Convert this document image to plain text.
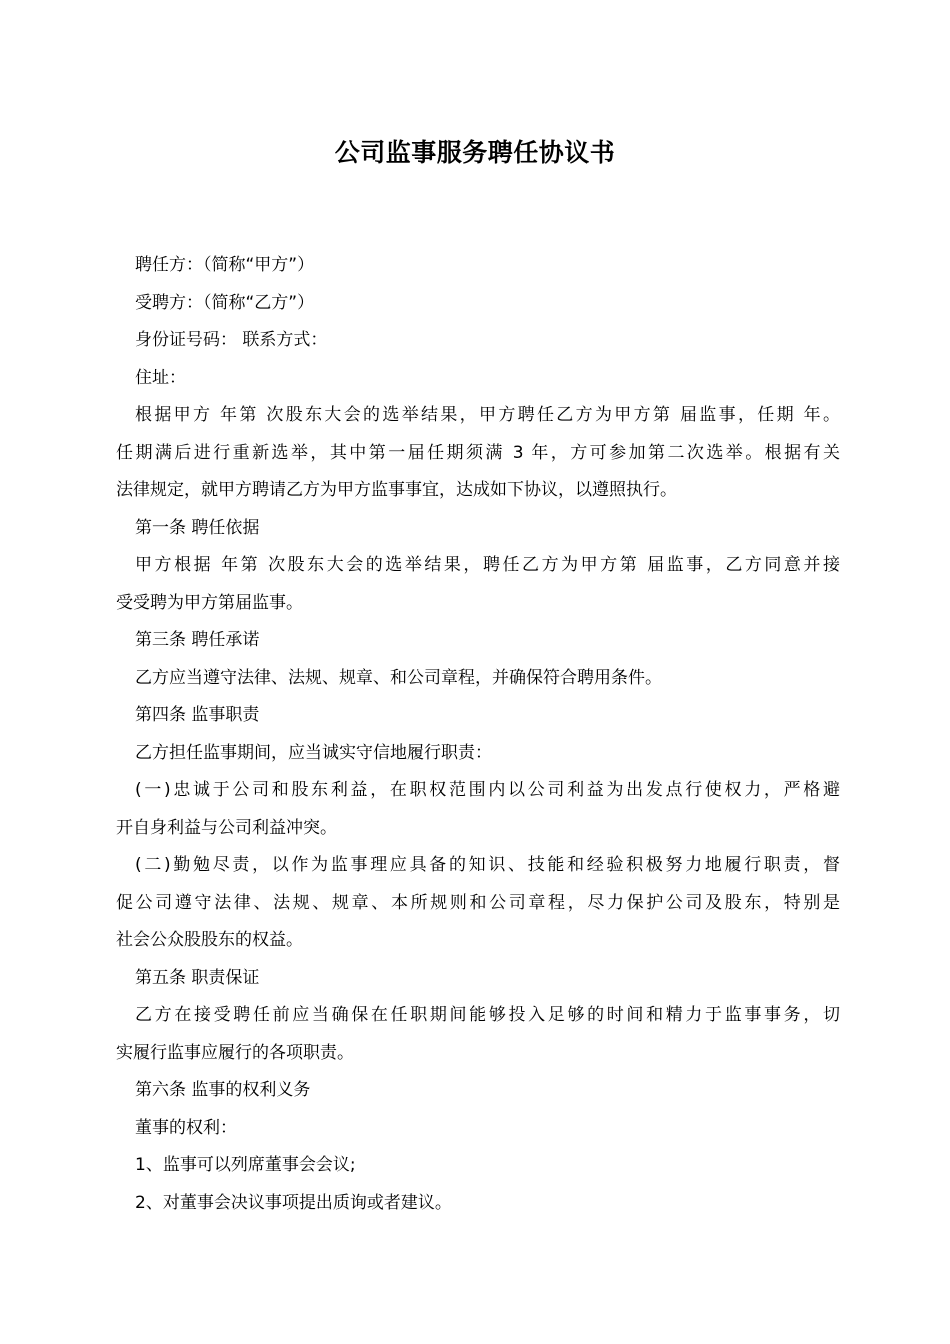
公司监事服务聘任协议书
聘任方：（简称“甲方”）
受聘方：（简称“乙方”）
身份证号码： 联系方式：
住址：
根据甲方 年第 次股东大会的选举结果，甲方聘任乙方为甲方第 届监事，任期 年。
任期满后进行重新选举，其中第一届任期须满 3 年，方可参加第二次选举。根据有关
法律规定，就甲方聘请乙方为甲方监事事宜，达成如下协议，以遵照执行。
第一条 聘任依据
甲方根据 年第 次股东大会的选举结果，聘任乙方为甲方第 届监事，乙方同意并接
受受聘为甲方第届监事。
第三条 聘任承诺
乙方应当遵守法律、法规、规章、和公司章程，并确保符合聘用条件。
第四条 监事职责
乙方担任监事期间，应当诚实守信地履行职责：
(一)忠诚于公司和股东利益，在职权范围内以公司利益为出发点行使权力，严格避
开自身利益与公司利益冲突。
(二)勤勉尽责，以作为监事理应具备的知识、技能和经验积极努力地履行职责，督
促公司遵守法律、法规、规章、本所规则和公司章程，尽力保护公司及股东，特别是
社会公众股股东的权益。
第五条 职责保证
乙方在接受聘任前应当确保在任职期间能够投入足够的时间和精力于监事事务，切
实履行监事应履行的各项职责。
第六条 监事的权利义务
董事的权利：
1、监事可以列席董事会会议;
2、对董事会决议事项提出质询或者建议。
